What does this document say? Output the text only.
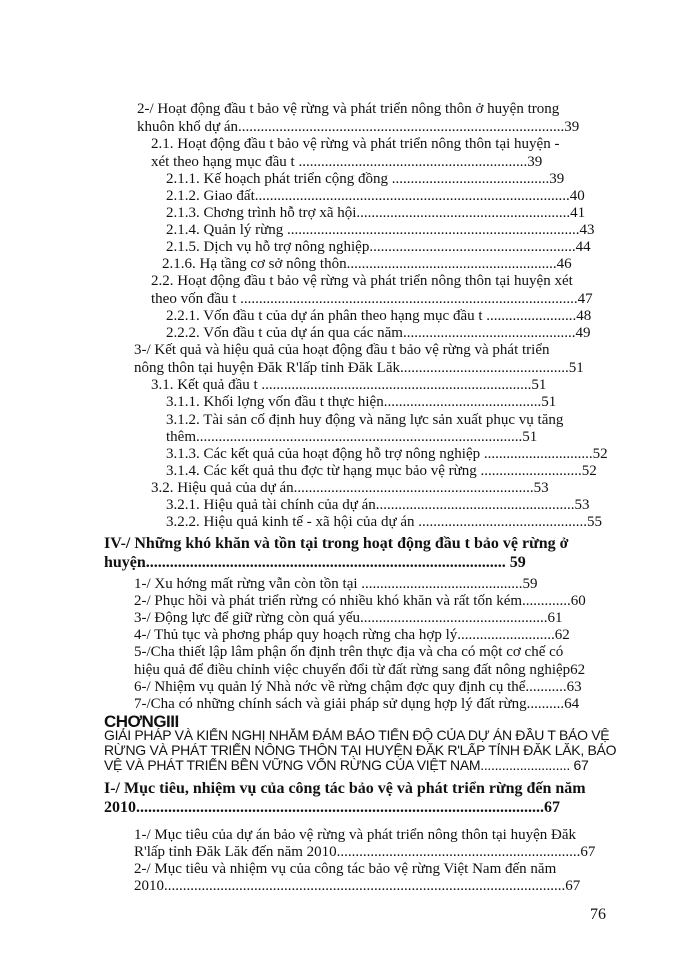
2-/ Hoạt động đầu t bảo vệ rừng và phát triển nông thôn ở huyện trong
khuôn khổ dự án.......................................................................................39
2.1. Hoạt động đầu t bảo vệ rừng và phát triển nông thôn tại huyện -
xét theo hạng mục đầu t .............................................................39
2.1.1. Kế hoạch phát triển cộng đồng ..........................................39
2.1.2. Giao đất....................................................................................40
2.1.3. Chơng trình hỗ trợ xã hội.........................................................41
2.1.4. Quản lý rừng ..............................................................................43
2.1.5. Dịch vụ hỗ trợ nông nghiệp.......................................................44
2.1.6. Hạ tầng cơ sở nông thôn........................................................46
2.2. Hoạt động đầu t bảo vệ rừng và phát triển nông thôn tại huyện xét
theo vốn đầu t ..........................................................................................47
2.2.1. Vốn đầu t của dự án phân theo hạng mục đầu t ........................48
2.2.2. Vốn đầu t của dự án qua các năm..............................................49
3-/ Kết quả và hiệu quả của hoạt động đầu t bảo vệ rừng và phát triển
nông thôn tại huyện Đăk R'lấp tỉnh Đăk Lăk.............................................51
3.1. Kết quả đầu t ........................................................................51
3.1.1. Khối lợng vốn đầu t thực hiện..........................................51
3.1.2. Tài sản cố định huy động và năng lực sản xuất phục vụ tăng
thêm.......................................................................................51
3.1.3. Các kết quả của hoạt động hỗ trợ nông nghiệp .............................52
3.1.4. Các kết quả thu đợc từ hạng mục bảo vệ rừng ...........................52
3.2. Hiệu quả của dự án................................................................53
3.2.1. Hiệu quả tài chính của dự án.....................................................53
3.2.2. Hiệu quả kinh tế - xã hội của dự án .............................................55
IV-/ Những khó khăn và tồn tại trong hoạt động đầu t bảo vệ rừng ở
huyện.......................................................................................... 59
1-/ Xu hớng mất rừng vẫn còn tồn tại ...........................................59
2-/ Phục hồi và phát triển rừng có nhiều khó khăn và rất tốn kém.............60
3-/ Động lực để giữ rừng còn quá yếu..................................................61
4-/ Thủ tục và phơng pháp quy hoạch rừng cha hợp lý..........................62
5-/Cha thiết lập lâm phận ổn định trên thực địa và cha có một cơ chế có
hiệu quả để điều chỉnh việc chuyển đổi từ đất rừng sang đất nông nghiệp62
6-/ Nhiệm vụ quản lý Nhà nớc về rừng chậm đợc quy định cụ thể...........63
7-/Cha có những chính sách và giải pháp sử dụng hợp lý đất rừng..........64
CHƠNGIII
GIẢI PHÁP VÀ KIẾN NGHỊ NHẰM ĐẢM BẢO TIẾN ĐỘ CỦA DỰ ÁN ĐẦU T BẢO VỆ
RỪNG VÀ PHÁT TRIỂN NÔNG THÔN TẠI HUYỆN ĐĂK R'LẤP TỈNH ĐĂK LĂK, BẢO
VỆ VÀ PHÁT TRIỂN BỀN VỮNG VỐN RỪNG CỦA VIỆT NAM......................... 67
I-/ Mục tiêu, nhiệm vụ của công tác bảo vệ và phát triển rừng đến năm
2010......................................................................................................67
1-/ Mục tiêu của dự án bảo vệ rừng và phát triển nông thôn tại huyện Đăk
R'lấp tỉnh Đăk Lăk đến năm 2010.................................................................67
2-/ Mục tiêu và nhiệm vụ của công tác bảo vệ rừng Việt Nam đến năm
2010...........................................................................................................67
76
